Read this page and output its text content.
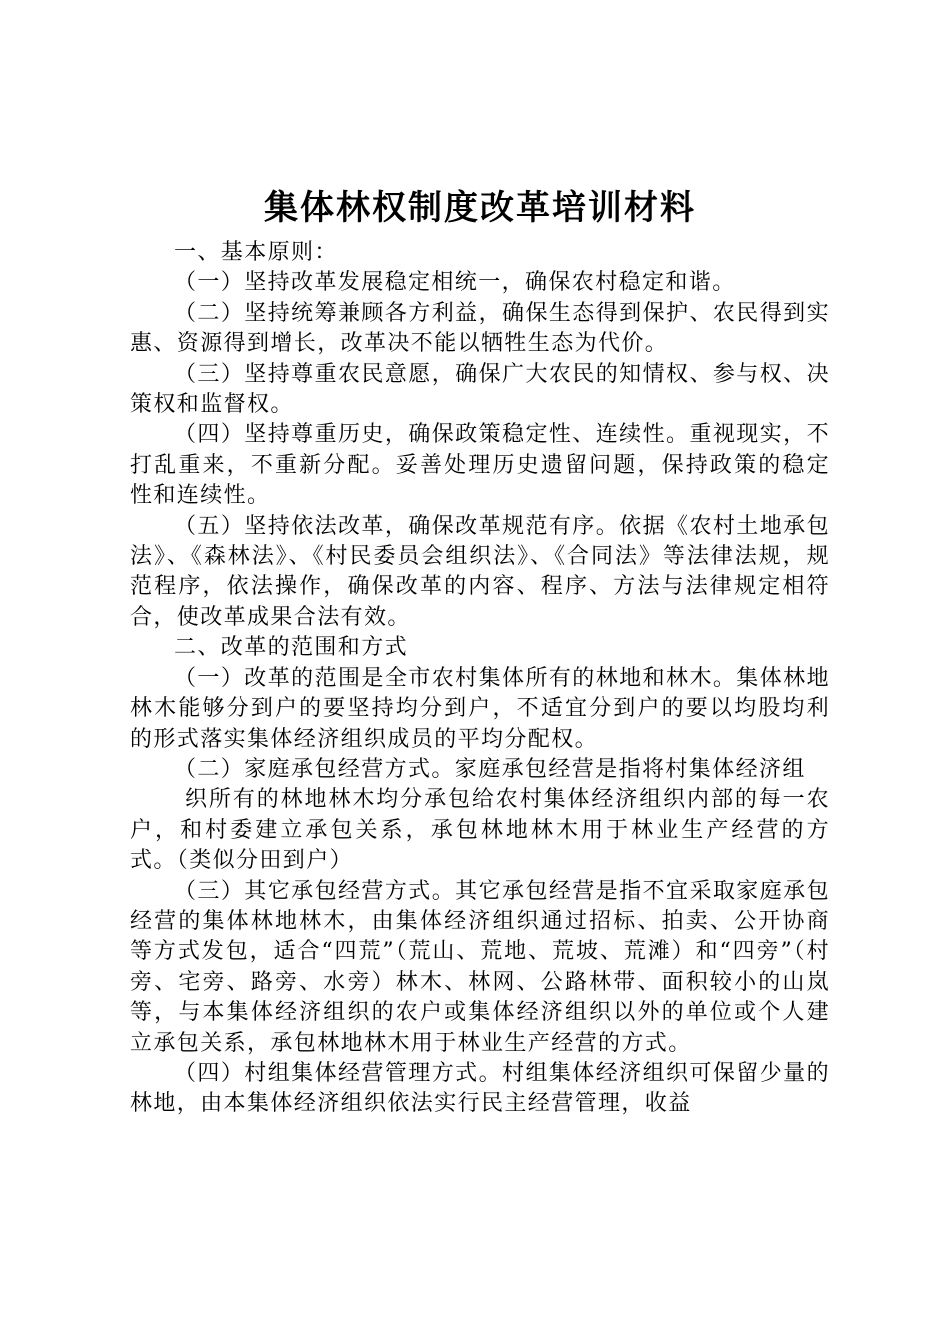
集体林权制度改革培训材料

一、基本原则：

（一）坚持改革发展稳定相统一，确保农村稳定和谐。

（二）坚持统筹兼顾各方利益，确保生态得到保护、农民得到实惠、资源得到增长，改革决不能以牺牲生态为代价。

（三）坚持尊重农民意愿，确保广大农民的知情权、参与权、决策权和监督权。

（四）坚持尊重历史，确保政策稳定性、连续性。重视现实，不打乱重来，不重新分配。妥善处理历史遗留问题，保持政策的稳定性和连续性。

（五）坚持依法改革，确保改革规范有序。依据《农村土地承包法》、《森林法》、《村民委员会组织法》、《合同法》等法律法规，规范程序，依法操作，确保改革的内容、程序、方法与法律规定相符合，使改革成果合法有效。

二、改革的范围和方式

（一）改革的范围是全市农村集体所有的林地和林木。集体林地林木能够分到户的要坚持均分到户，不适宜分到户的要以均股均利的形式落实集体经济组织成员的平均分配权。

（二）家庭承包经营方式。家庭承包经营是指将村集体经济组

织所有的林地林木均分承包给农村集体经济组织内部的每一农户，和村委建立承包关系，承包林地林木用于林业生产经营的方式。（类似分田到户）

（三）其它承包经营方式。其它承包经营是指不宜采取家庭承包经营的集体林地林木，由集体经济组织通过招标、拍卖、公开协商等方式发包，适合“四荒”（荒山、荒地、荒坡、荒滩）和“四旁”（村旁、宅旁、路旁、水旁）林木、林网、公路林带、面积较小的山岚等，与本集体经济组织的农户或集体经济组织以外的单位或个人建立承包关系，承包林地林木用于林业生产经营的方式。

（四）村组集体经营管理方式。村组集体经济组织可保留少量的林地，由本集体经济组织依法实行民主经营管理，收益
